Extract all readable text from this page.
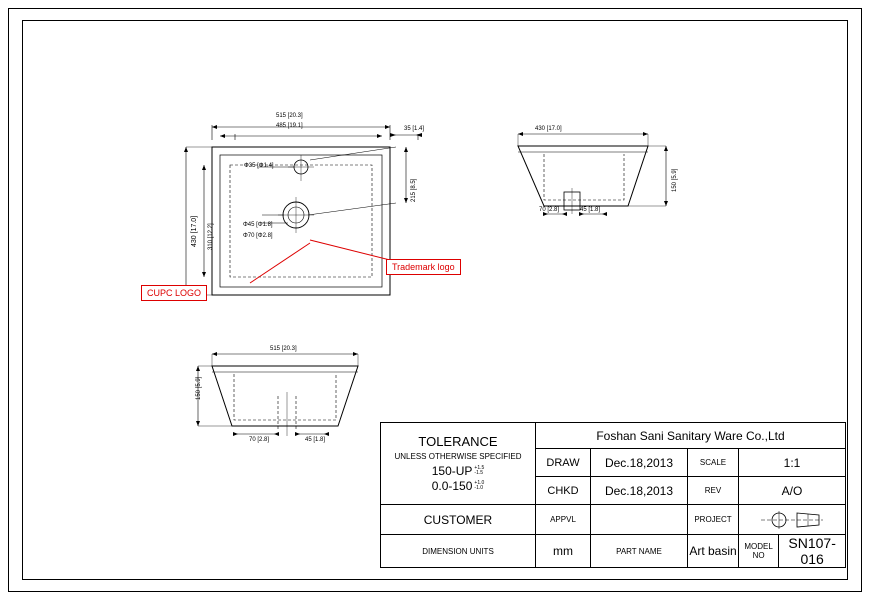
515 [20.3]
485 [19.1]	35 [1.4]
430 [17.0] 310 [12.2]
215 [8.5]
Φ35 [Φ1.4]
Φ45 [Φ1.8]
Φ70 [Φ2.8]
CUPC LOGO
Trademark logo
430 [17.0]
150 [5.9]
70 [2.8]	45 [1.8]
515 [20.3]
150 [5.9]
70 [2.8]	45 [1.8]	TOLERANCE
UNLESS OTHERWISE SPECIFIED
150-UP +1.5
-1.5
0.0-150 +1.0
-1.0
	Foshan Sani Sanitary Ware Co.,Ltd
	DRAW	Dec.18,2013	SCALE	1:1	
	CHKD	Dec.18,2013	REV	A/O	
CUSTOMER	APPVL		PROJECT	

DIMENSION UNITS	mm	PART NAME	Art basin	MODEL NO	SN107-016
